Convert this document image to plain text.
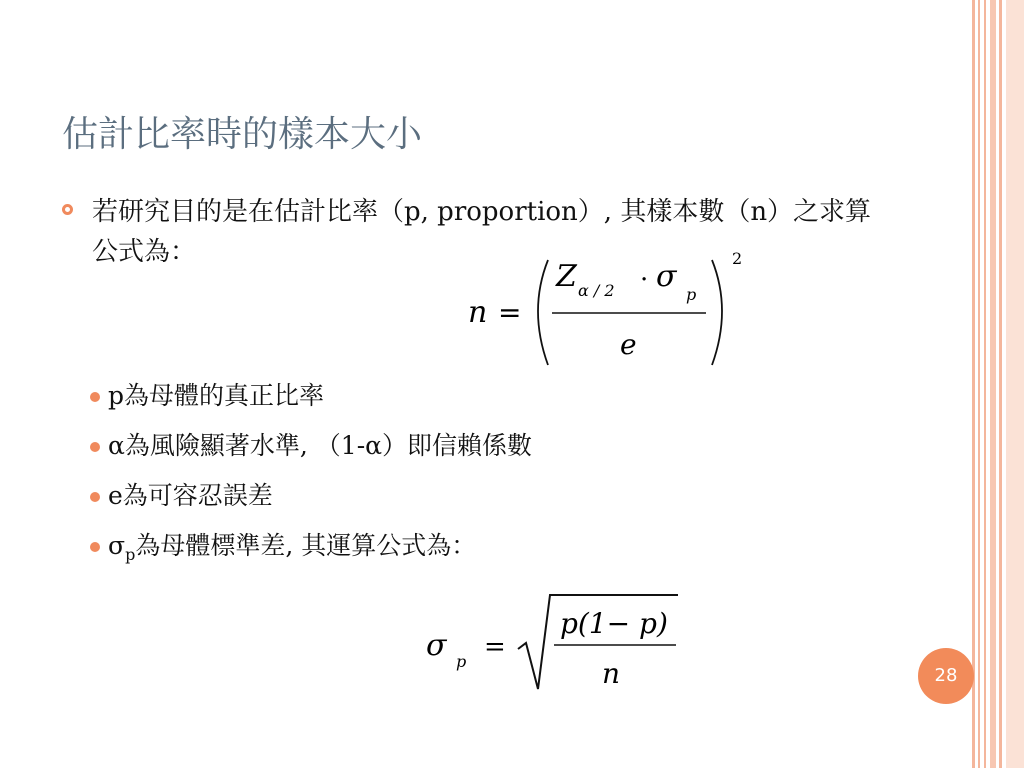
估計比率時的樣本大小
若研究目的是在估計比率（p, proportion）, 其樣本數（n）之求算公式為：
n =
Z α / 2 · σ
p
e
2
p為母體的真正比率
α為風險顯著水準, （1-α）即信賴係數
e為可容忍誤差
$\sigma_p$為母體標準差, 其運算公式為：
σ p =
p(1− p)
n	28
